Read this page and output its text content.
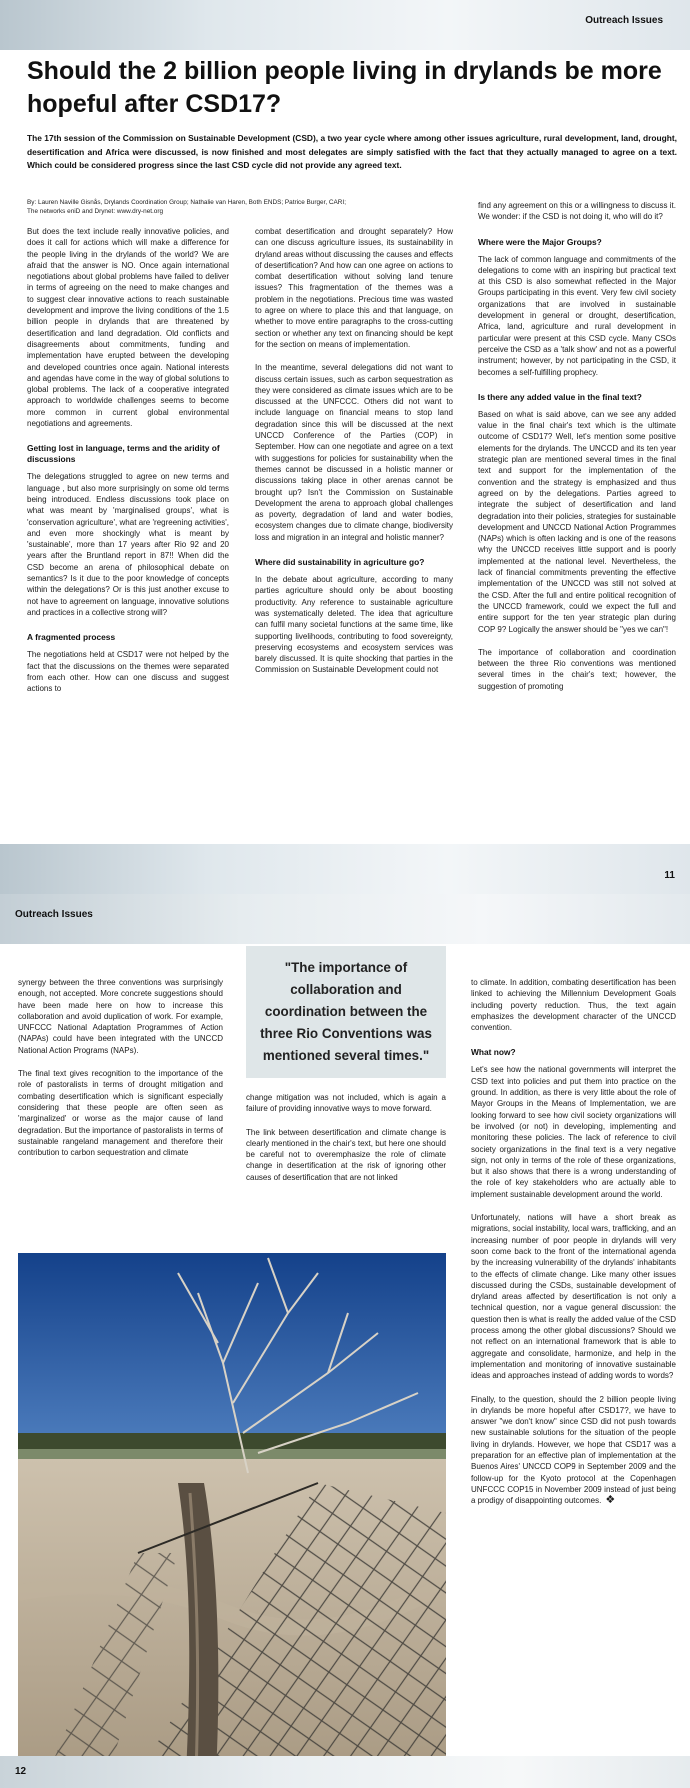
Outreach Issues
Should the 2 billion people living in drylands be more hopeful after CSD17?
The 17th session of the Commission on Sustainable Development (CSD), a two year cycle where among other issues agriculture, rural development, land, drought, desertification and Africa were discussed, is now finished and most delegates are simply satisfied with the fact that they actually managed to agree on a text. Which could be considered progress since the last CSD cycle did not provide any agreed text.
By: Lauren Naville Gisnås, Drylands Coordination Group; Nathalie van Haren, Both ENDS; Patrice Burger, CARI;
The networks eniD and Drynet: www.dry-net.org

But does the text include really innovative policies, and does it call for actions which will make a difference for the people living in the drylands of the world? We are afraid that the answer is NO. Once again international negotiations about global problems have failed to deliver in terms of agreeing on the need to make changes and to suggest clear innovative actions to reach sustainable development and improve the living conditions of the 1.5 billion people in drylands that are threatened by desertification and land degradation. Old conflicts and disagreements about commitments, funding and implementation have erupted between the developing and developed countries once again. National interests and agendas have come in the way of global solutions to global problems. The lack of a cooperative integrated approach to worldwide challenges seems to become more common in current global environmental negotiations and agreements.

Getting lost in language, terms and the aridity of discussions

The delegations struggled to agree on new terms and language , but also more surprisingly on some old terms being introduced. Endless discussions took place on what was meant by 'marginalised groups', what is 'conservation agriculture', what are 'regreening activities', and even more shockingly what is meant by 'sustainable', more than 17 years after Rio 92 and 20 years after the Bruntland report in 87!! When did the CSD become an arena of philosophical debate on semantics? Is it due to the poor knowledge of concepts within the delegations? Or is this just another excuse to not have to agreement on language, innovative solutions and practices in a collective strong will?

A fragmented process

The negotiations held at CSD17 were not helped by the fact that the discussions on the themes were separated from each other. How can one discuss and suggest actions to

combat desertification and drought separately? How can one discuss agriculture issues, its sustainability in dryland areas without discussing the causes and effects of desertification? And how can one agree on actions to combat desertification without solving land tenure issues? This fragmentation of the themes was a problem in the negotiations. Precious time was wasted to agree on where to place this and that language, on whether to move entire paragraphs to the cross-cutting section or whether any text on financing should be kept for the section on means of implementation.

In the meantime, several delegations did not want to discuss certain issues, such as carbon sequestration as they were considered as climate issues which are to be discussed at the UNFCCC. Others did not want to include language on financial means to stop land degradation since this will be discussed at the next UNCCD Conference of the Parties (COP) in September. How can one negotiate and agree on a text with suggestions for policies for sustainability when the themes cannot be discussed in a holistic manner or discussions taking place in other arenas cannot be brought up? Isn't the Commission on Sustainable Development the arena to approach global challenges as poverty, degradation of land and water bodies, ecosystem changes due to climate change, biodiversity loss and migration in an integral and holistic manner?

Where did sustainability in agriculture go?

In the debate about agriculture, according to many parties agriculture should only be about boosting productivity. Any reference to sustainable agriculture was systematically deleted. The idea that agriculture can fulfil many societal functions at the same time, like supporting livelihoods, contributing to food sovereignty, preserving ecosystems and ecosystem services was barely discussed. It is quite shocking that parties in the Commission on Sustainable Development could not

find any agreement on this or a willingness to discuss it. We wonder: if the CSD is not doing it, who will do it?

Where were the Major Groups?

The lack of common language and commitments of the delegations to come with an inspiring but practical text at this CSD is also somewhat reflected in the Major Groups participating in this event. Very few civil society organizations that are involved in sustainable development in general or drought, desertification, Africa, land, agriculture and rural development in particular were present at this CSD cycle. Many CSOs perceive the CSD as a 'talk show' and not as a powerful instrument; however, by not participating in the CSD, it becomes a self-fulfilling prophecy.

Is there any added value in the final text?

Based on what is said above, can we see any added value in the final chair's text which is the ultimate outcome of CSD17? Well, let's mention some positive elements for the drylands. The UNCCD and its ten year strategic plan are mentioned several times in the final text and support for the implementation of the convention and the strategy is emphasized and thus agreed on by the delegations. Parties agreed to integrate the subject of desertification and land degradation into their policies, strategies for sustainable development and UNCCD National Action Programmes (NAPs) which is often lacking and is one of the reasons why the UNCCD receives little support and is poorly implemented at the national level. Nevertheless, the lack of financial commitments preventing the effective implementation of the UNCCD was still not solved at the CSD. After the full and entire political recognition of the UNCCD framework, could we expect the full and entire support for the ten year strategic plan during COP 9? Logically the answer should be "yes we can"!

The importance of collaboration and coordination between the three Rio conventions was mentioned several times in the chair's text; however, the suggestion of promoting

11
Outreach Issues

synergy between the three conventions was surprisingly enough, not accepted. More concrete suggestions should have been made here on how to increase this collaboration and avoid duplication of work. For example, UNFCCC National Adaptation Programmes of Action (NAPAs) could have been integrated with the UNCCD National Action Programs (NAPs).

The final text gives recognition to the importance of the role of pastoralists in terms of drought mitigation and combating desertification which is significant especially considering that these people are often seen as 'marginalized' or worse as the major cause of land degradation. But the importance of pastoralists in terms of sustainable rangeland management and therefore their contribution to carbon sequestration and climate

"The importance of collaboration and coordination between the three Rio Conventions was mentioned several times."

change mitigation was not included, which is again a failure of providing innovative ways to move forward.

The link between desertification and climate change is clearly mentioned in the chair's text, but here one should be careful not to overemphasize the role of climate change in desertification at the risk of ignoring other causes of desertification that are not linked

to climate. In addition, combating desertification has been linked to achieving the Millennium Development Goals including poverty reduction. Thus, the text again emphasizes the development character of the UNCCD convention.

What now?

Let's see how the national governments will interpret the CSD text into policies and put them into practice on the ground. In addition, as there is very little about the role of Mayor Groups in the Means of Implementation, we are looking forward to see how civil society organizations will be involved (or not) in developing, implementing and monitoring these policies. The lack of reference to civil society organizations in the final text is a very negative sign, not only in terms of the role of these organizations, but it also shows that there is a wrong understanding of the role of key stakeholders who are actually able to implement sustainable development around the world.

Unfortunately, nations will have a short break as migrations, social instability, local wars, trafficking, and an increasing number of poor people in drylands will very soon come back to the front of the international agenda by the increasing vulnerability of the drylands' inhabitants to the effects of climate change. Like many other issues discussed during the CSDs, sustainable development of dryland areas affected by desertification is not only a technical question, nor a vague general discussion: the question then is what is really the added value of the CSD process among the other global discussions? Should we not reflect on an international framework that is able to aggregate and consolidate, harmonize, and help in the implementation and monitoring of innovative sustainable ideas and approaches instead of adding words to words?

Finally, to the question, should the 2 billion people living in drylands be more hopeful after CSD17?, we have to answer "we don't know" since CSD did not push towards new sustainable solutions for the situation of the people living in drylands. However, we hope that CSD17 was a preparation for an effective plan of implementation at the Buenos Aires' UNCCD COP9 in September 2009 and the follow-up for the Kyoto protocol at the Copenhagen UNFCCC COP15 in November 2009 instead of just being a prodigy of disappointing outcomes. ❖

12
